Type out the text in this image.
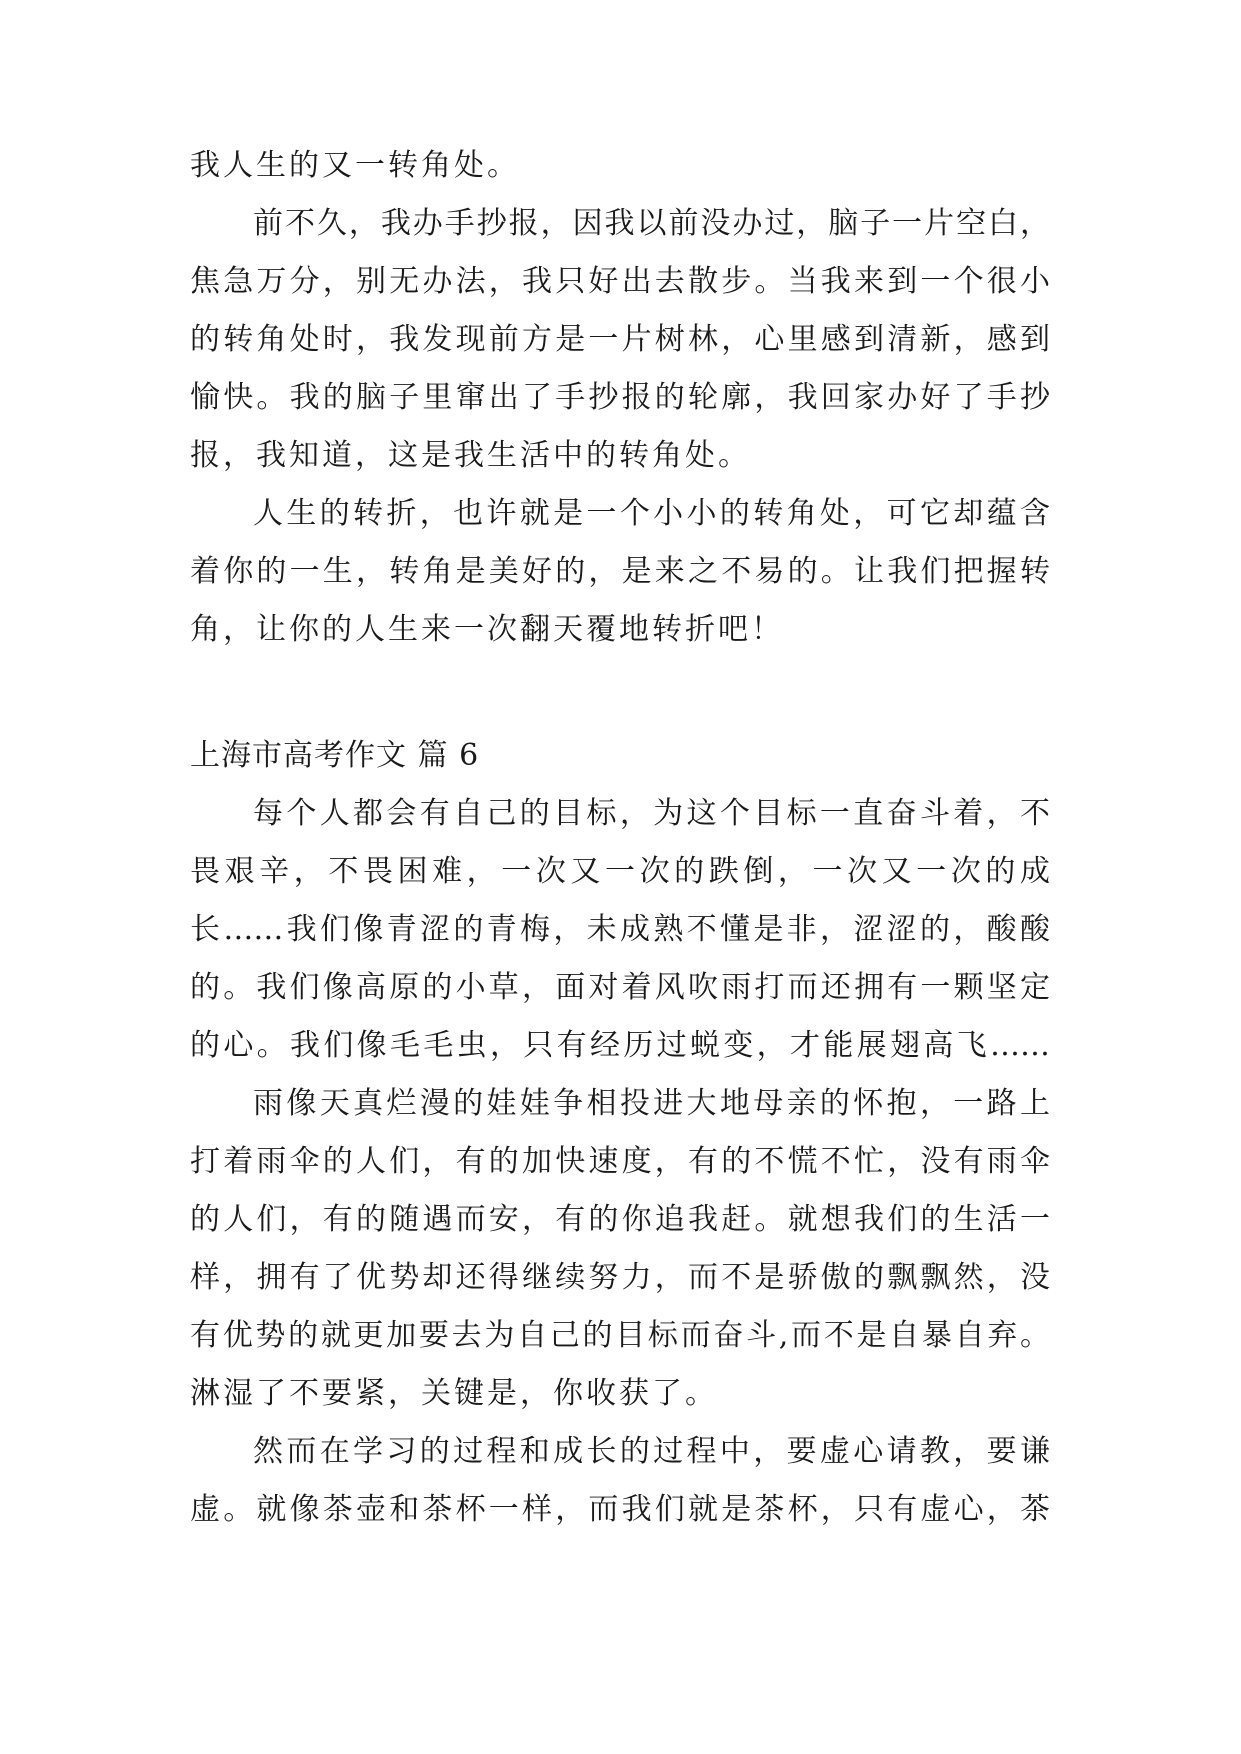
我人生的又一转角处。
前不久，我办手抄报，因我以前没办过，脑子一片空白，
焦急万分，别无办法，我只好出去散步。当我来到一个很小
的转角处时，我发现前方是一片树林，心里感到清新，感到
愉快。我的脑子里窜出了手抄报的轮廓，我回家办好了手抄
报，我知道，这是我生活中的转角处。
人生的转折，也许就是一个小小的转角处，可它却蕴含
着你的一生，转角是美好的，是来之不易的。让我们把握转
角，让你的人生来一次翻天覆地转折吧！
上海市高考作文 篇 6
每个人都会有自己的目标，为这个目标一直奋斗着，不
畏艰辛，不畏困难，一次又一次的跌倒，一次又一次的成
长……我们像青涩的青梅，未成熟不懂是非，涩涩的，酸酸
的。我们像高原的小草，面对着风吹雨打而还拥有一颗坚定
的心。我们像毛毛虫，只有经历过蜕变，才能展翅高飞……
雨像天真烂漫的娃娃争相投进大地母亲的怀抱，一路上
打着雨伞的人们，有的加快速度，有的不慌不忙，没有雨伞
的人们，有的随遇而安，有的你追我赶。就想我们的生活一
样，拥有了优势却还得继续努力，而不是骄傲的飘飘然，没
有优势的就更加要去为自己的目标而奋斗,而不是自暴自弃。
淋湿了不要紧，关键是，你收获了。
然而在学习的过程和成长的过程中，要虚心请教，要谦
虚。就像茶壶和茶杯一样，而我们就是茶杯，只有虚心，茶
